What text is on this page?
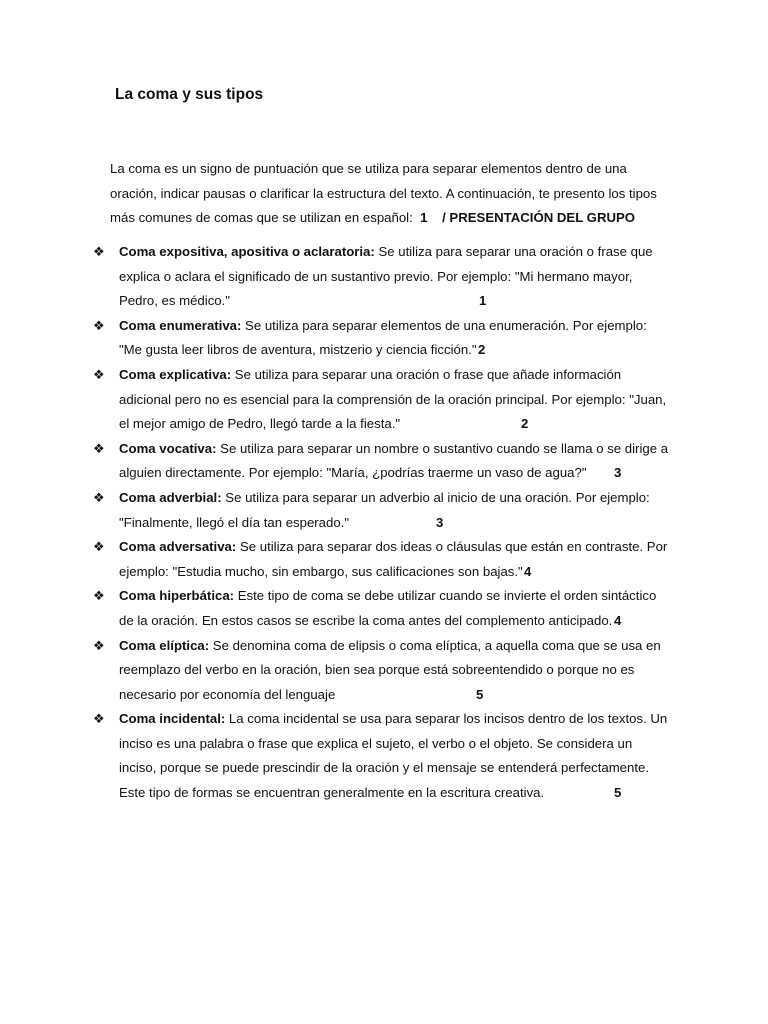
La coma y sus tipos

La coma es un signo de puntuación que se utiliza para separar elementos dentro de una
oración, indicar pausas o clarificar la estructura del texto. A continuación, te presento los tipos
más comunes de comas que se utilizan en español: 1 / PRESENTACIÓN DEL GRUPO

❖ Coma expositiva, apositiva o aclaratoria: Se utiliza para separar una oración o frase que
explica o aclara el significado de un sustantivo previo. Por ejemplo: "Mi hermano mayor,
Pedro, es médico."	1
❖ Coma enumerativa: Se utiliza para separar elementos de una enumeración. Por ejemplo:
"Me gusta leer libros de aventura, mistzerio y ciencia ficción." 2
❖ Coma explicativa: Se utiliza para separar una oración o frase que añade información
adicional pero no es esencial para la comprensión de la oración principal. Por ejemplo: "Juan,
el mejor amigo de Pedro, llegó tarde a la fiesta."	2
❖ Coma vocativa: Se utiliza para separar un nombre o sustantivo cuando se llama o se dirige a
alguien directamente. Por ejemplo: "María, ¿podrías traerme un vaso de agua?" 3
❖ Coma adverbial: Se utiliza para separar un adverbio al inicio de una oración. Por ejemplo:
"Finalmente, llegó el día tan esperado."	3
❖ Coma adversativa: Se utiliza para separar dos ideas o cláusulas que están en contraste. Por
ejemplo: "Estudia mucho, sin embargo, sus calificaciones son bajas." 4
❖ Coma hiperbática: Este tipo de coma se debe utilizar cuando se invierte el orden sintáctico
de la oración. En estos casos se escribe la coma antes del complemento anticipado. 4
❖ Coma elíptica: Se denomina coma de elipsis o coma elíptica, a aquella coma que se usa en
reemplazo del verbo en la oración, bien sea porque está sobreentendido o porque no es
necesario por economía del lenguaje	5
❖ Coma incidental: La coma incidental se usa para separar los incisos dentro de los textos. Un
inciso es una palabra o frase que explica el sujeto, el verbo o el objeto. Se considera un
inciso, porque se puede prescindir de la oración y el mensaje se entenderá perfectamente.
Este tipo de formas se encuentran generalmente en la escritura creativa.	5
